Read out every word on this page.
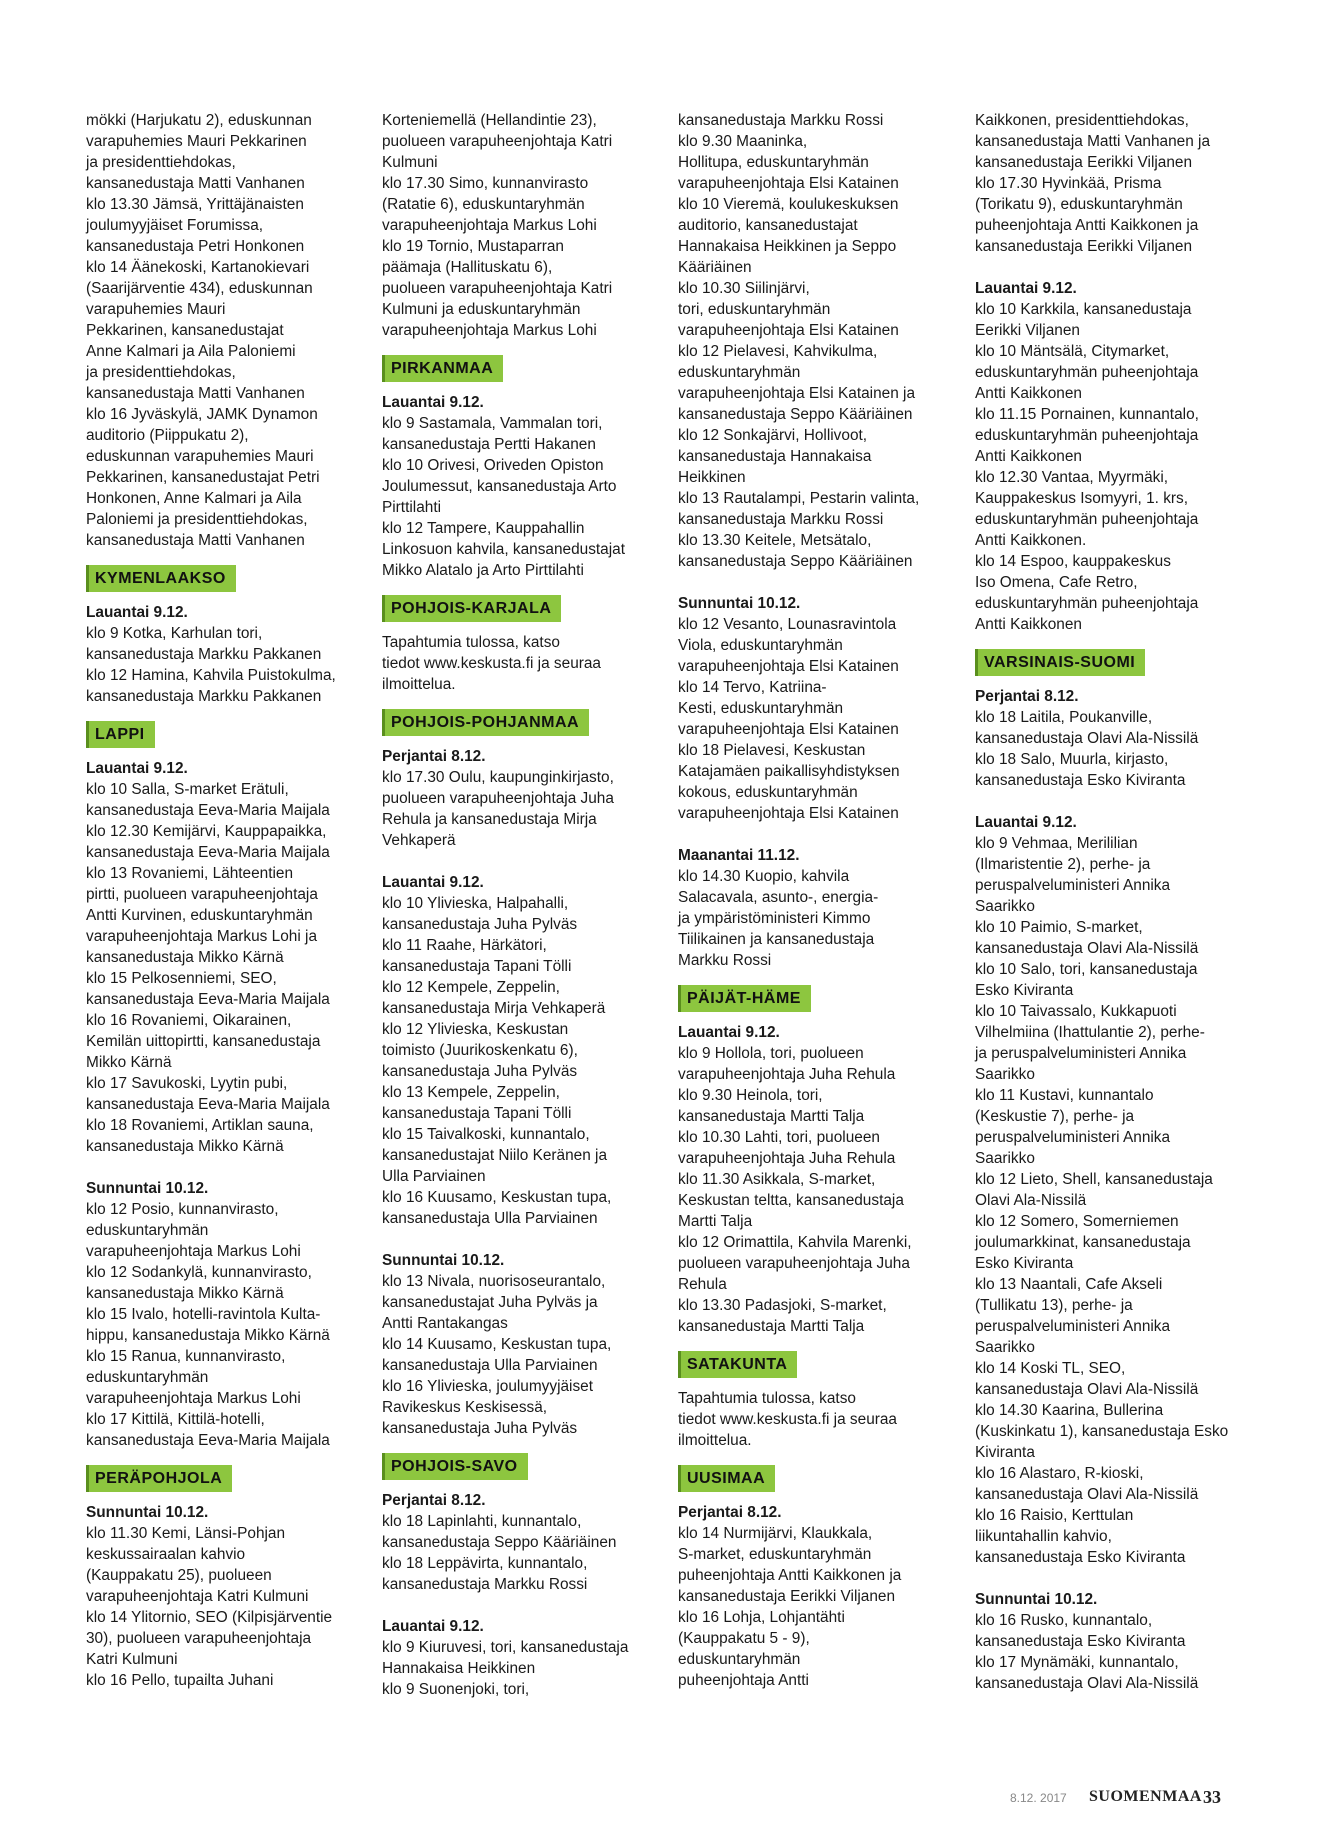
mökki (Harjukatu 2), eduskunnan
varapuhemies Mauri Pekkarinen
ja presidenttiehdokas,
kansanedustaja Matti Vanhanen
klo 13.30 Jämsä, Yrittäjänaisten
joulumyyjäiset Forumissa,
kansanedustaja Petri Honkonen
klo 14 Äänekoski, Kartanokievari
(Saarijärventie 434), eduskunnan
varapuhemies Mauri
Pekkarinen, kansanedustajat
Anne Kalmari ja Aila Paloniemi
ja presidenttiehdokas,
kansanedustaja Matti Vanhanen
klo 16 Jyväskylä, JAMK Dynamon
auditorio (Piippukatu 2),
eduskunnan varapuhemies Mauri
Pekkarinen, kansanedustajat Petri
Honkonen, Anne Kalmari ja Aila
Paloniemi ja presidenttiehdokas,
kansanedustaja Matti Vanhanen
KYMENLAAKSO
Lauantai 9.12.
klo 9 Kotka, Karhulan tori,
kansanedustaja Markku Pakkanen
klo 12 Hamina, Kahvila Puistokulma,
kansanedustaja Markku Pakkanen
LAPPI
Lauantai 9.12.
klo 10 Salla, S-market Erätuli,
kansanedustaja Eeva-Maria Maijala
klo 12.30 Kemijärvi, Kauppapaikka,
kansanedustaja Eeva-Maria Maijala
klo 13 Rovaniemi, Lähteentien
pirtti, puolueen varapuheenjohtaja
Antti Kurvinen, eduskuntaryhmän
varapuheenjohtaja Markus Lohi ja
kansanedustaja Mikko Kärnä
klo 15 Pelkosenniemi, SEO,
kansanedustaja Eeva-Maria Maijala
klo 16 Rovaniemi, Oikarainen,
Kemilän uittopirtti, kansanedustaja
Mikko Kärnä
klo 17 Savukoski, Lyytin pubi,
kansanedustaja Eeva-Maria Maijala
klo 18 Rovaniemi, Artiklan sauna,
kansanedustaja Mikko Kärnä
Sunnuntai 10.12.
klo 12 Posio, kunnanvirasto,
eduskuntaryhmän
varapuheenjohtaja Markus Lohi
klo 12 Sodankylä, kunnanvirasto,
kansanedustaja Mikko Kärnä
klo 15 Ivalo, hotelli-ravintola Kulta-
hippu, kansanedustaja Mikko Kärnä
klo 15 Ranua, kunnanvirasto,
eduskuntaryhmän
varapuheenjohtaja Markus Lohi
klo 17 Kittilä, Kittilä-hotelli,
kansanedustaja Eeva-Maria Maijala
PERÄPOHJOLA
Sunnuntai 10.12.
klo 11.30 Kemi, Länsi-Pohjan
keskussairaalan kahvio
(Kauppakatu 25), puolueen
varapuheenjohtaja Katri Kulmuni
klo 14 Ylitornio, SEO (Kilpisjärventie
30), puolueen varapuheenjohtaja
Katri Kulmuni
klo 16 Pello, tupailta Juhani
Korteniemellä (Hellandintie 23),
puolueen varapuheenjohtaja Katri
Kulmuni
klo 17.30 Simo, kunnanvirasto
(Ratatie 6), eduskuntaryhmän
varapuheenjohtaja Markus Lohi
klo 19 Tornio, Mustaparran
päämaja (Hallituskatu 6),
puolueen varapuheenjohtaja Katri
Kulmuni ja eduskuntaryhmän
varapuheenjohtaja Markus Lohi
PIRKANMAA
Lauantai 9.12.
klo 9 Sastamala, Vammalan tori,
kansanedustaja Pertti Hakanen
klo 10 Orivesi, Oriveden Opiston
Joulumessut, kansanedustaja Arto
Pirttilahti
klo 12 Tampere, Kauppahallin
Linkosuon kahvila, kansanedustajat
Mikko Alatalo ja Arto Pirttilahti
POHJOIS-KARJALA
Tapahtumia tulossa, katso
tiedot www.keskusta.fi ja seuraa
ilmoittelua.
POHJOIS-POHJANMAA
Perjantai 8.12.
klo 17.30 Oulu, kaupunginkirjasto,
puolueen varapuheenjohtaja Juha
Rehula ja kansanedustaja Mirja
Vehkaperä
Lauantai 9.12.
klo 10 Ylivieska, Halpahalli,
kansanedustaja Juha Pylväs
klo 11 Raahe, Härkätori,
kansanedustaja Tapani Tölli
klo 12 Kempele, Zeppelin,
kansanedustaja Mirja Vehkaperä
klo 12 Ylivieska, Keskustan
toimisto (Juurikoskenkatu 6),
kansanedustaja Juha Pylväs
klo 13 Kempele, Zeppelin,
kansanedustaja Tapani Tölli
klo 15 Taivalkoski, kunnantalo,
kansanedustajat Niilo Keränen ja
Ulla Parviainen
klo 16 Kuusamo, Keskustan tupa,
kansanedustaja Ulla Parviainen
Sunnuntai 10.12.
klo 13 Nivala, nuorisoseurantalo,
kansanedustajat Juha Pylväs ja
Antti Rantakangas
klo 14 Kuusamo, Keskustan tupa,
kansanedustaja Ulla Parviainen
klo 16 Ylivieska, joulumyyjäiset
Ravikeskus Keskisessä,
kansanedustaja Juha Pylväs
POHJOIS-SAVO
Perjantai 8.12.
klo 18 Lapinlahti, kunnantalo,
kansanedustaja Seppo Kääriäinen
klo 18 Leppävirta, kunnantalo,
kansanedustaja Markku Rossi
Lauantai 9.12.
klo 9 Kiuruvesi, tori, kansanedustaja
Hannakaisa Heikkinen
klo 9 Suonenjoki, tori,
kansanedustaja Markku Rossi
klo 9.30 Maaninka,
Hollitupa, eduskuntaryhmän
varapuheenjohtaja Elsi Katainen
klo 10 Vieremä, koulukeskuksen
auditorio, kansanedustajat
Hannakaisa Heikkinen ja Seppo
Kääriäinen
klo 10.30 Siilinjärvi,
tori, eduskuntaryhmän
varapuheenjohtaja Elsi Katainen
klo 12 Pielavesi, Kahvikulma,
eduskuntaryhmän
varapuheenjohtaja Elsi Katainen ja
kansanedustaja Seppo Kääriäinen
klo 12 Sonkajärvi, Hollivoot,
kansanedustaja Hannakaisa
Heikkinen
klo 13 Rautalampi, Pestarin valinta,
kansanedustaja Markku Rossi
klo 13.30 Keitele, Metsätalo,
kansanedustaja Seppo Kääriäinen
Sunnuntai 10.12.
klo 12 Vesanto, Lounasravintola
Viola, eduskuntaryhmän
varapuheenjohtaja Elsi Katainen
klo 14 Tervo, Katriina-
Kesti, eduskuntaryhmän
varapuheenjohtaja Elsi Katainen
klo 18 Pielavesi, Keskustan
Katajamäen paikallisyhdistyksen
kokous, eduskuntaryhmän
varapuheenjohtaja Elsi Katainen
Maanantai 11.12.
klo 14.30 Kuopio, kahvila
Salacavala, asunto-, energia-
ja ympäristöministeri Kimmo
Tiilikainen ja kansanedustaja
Markku Rossi
PÄIJÄT-HÄME
Lauantai 9.12.
klo 9 Hollola, tori, puolueen
varapuheenjohtaja Juha Rehula
klo 9.30 Heinola, tori,
kansanedustaja Martti Talja
klo 10.30 Lahti, tori, puolueen
varapuheenjohtaja Juha Rehula
klo 11.30 Asikkala, S-market,
Keskustan teltta, kansanedustaja
Martti Talja
klo 12 Orimattila, Kahvila Marenki,
puolueen varapuheenjohtaja Juha
Rehula
klo 13.30 Padasjoki, S-market,
kansanedustaja Martti Talja
SATAKUNTA
Tapahtumia tulossa, katso
tiedot www.keskusta.fi ja seuraa
ilmoittelua.
UUSIMAA
Perjantai 8.12.
klo 14 Nurmijärvi, Klaukkala,
S-market, eduskuntaryhmän
puheenjohtaja Antti Kaikkonen ja
kansanedustaja Eerikki Viljanen
klo 16 Lohja, Lohjantähti
(Kauppakatu 5 - 9),
eduskuntaryhmän
puheenjohtaja Antti
Kaikkonen, presidenttiehdokas,
kansanedustaja Matti Vanhanen ja
kansanedustaja Eerikki Viljanen
klo 17.30 Hyvinkää, Prisma
(Torikatu 9), eduskuntaryhmän
puheenjohtaja Antti Kaikkonen ja
kansanedustaja Eerikki Viljanen
Lauantai 9.12.
klo 10 Karkkila, kansanedustaja
Eerikki Viljanen
klo 10 Mäntsälä, Citymarket,
eduskuntaryhmän puheenjohtaja
Antti Kaikkonen
klo 11.15 Pornainen, kunnantalo,
eduskuntaryhmän puheenjohtaja
Antti Kaikkonen
klo 12.30 Vantaa, Myyrmäki,
Kauppakeskus Isomyyri, 1. krs,
eduskuntaryhmän puheenjohtaja
Antti Kaikkonen.
klo 14 Espoo, kauppakeskus
Iso Omena, Cafe Retro,
eduskuntaryhmän puheenjohtaja
Antti Kaikkonen
VARSINAIS-SUOMI
Perjantai 8.12.
klo 18 Laitila, Poukanville,
kansanedustaja Olavi Ala-Nissilä
klo 18 Salo, Muurla, kirjasto,
kansanedustaja Esko Kiviranta
Lauantai 9.12.
klo 9 Vehmaa, Merililian
(Ilmaristentie 2), perhe- ja
peruspalveluministeri Annika
Saarikko
klo 10 Paimio, S-market,
kansanedustaja Olavi Ala-Nissilä
klo 10 Salo, tori, kansanedustaja
Esko Kiviranta
klo 10 Taivassalo, Kukkapuoti
Vilhelmiina (Ihattulantie 2), perhe-
ja peruspalveluministeri Annika
Saarikko
klo 11 Kustavi, kunnantalo
(Keskustie 7), perhe- ja
peruspalveluministeri Annika
Saarikko
klo 12 Lieto, Shell, kansanedustaja
Olavi Ala-Nissilä
klo 12 Somero, Somerniemen
joulumarkkinat, kansanedustaja
Esko Kiviranta
klo 13 Naantali, Cafe Akseli
(Tullikatu 13), perhe- ja
peruspalveluministeri Annika
Saarikko
klo 14 Koski TL, SEO,
kansanedustaja Olavi Ala-Nissilä
klo 14.30 Kaarina, Bullerina
(Kuskinkatu 1), kansanedustaja Esko
Kiviranta
klo 16 Alastaro, R-kioski,
kansanedustaja Olavi Ala-Nissilä
klo 16 Raisio, Kerttulan
liikuntahallin kahvio,
kansanedustaja Esko Kiviranta
Sunnuntai 10.12.
klo 16 Rusko, kunnantalo,
kansanedustaja Esko Kiviranta
klo 17 Mynämäki, kunnantalo,
kansanedustaja Olavi Ala-Nissilä
8.12. 2017 SUOMENMAA 33
